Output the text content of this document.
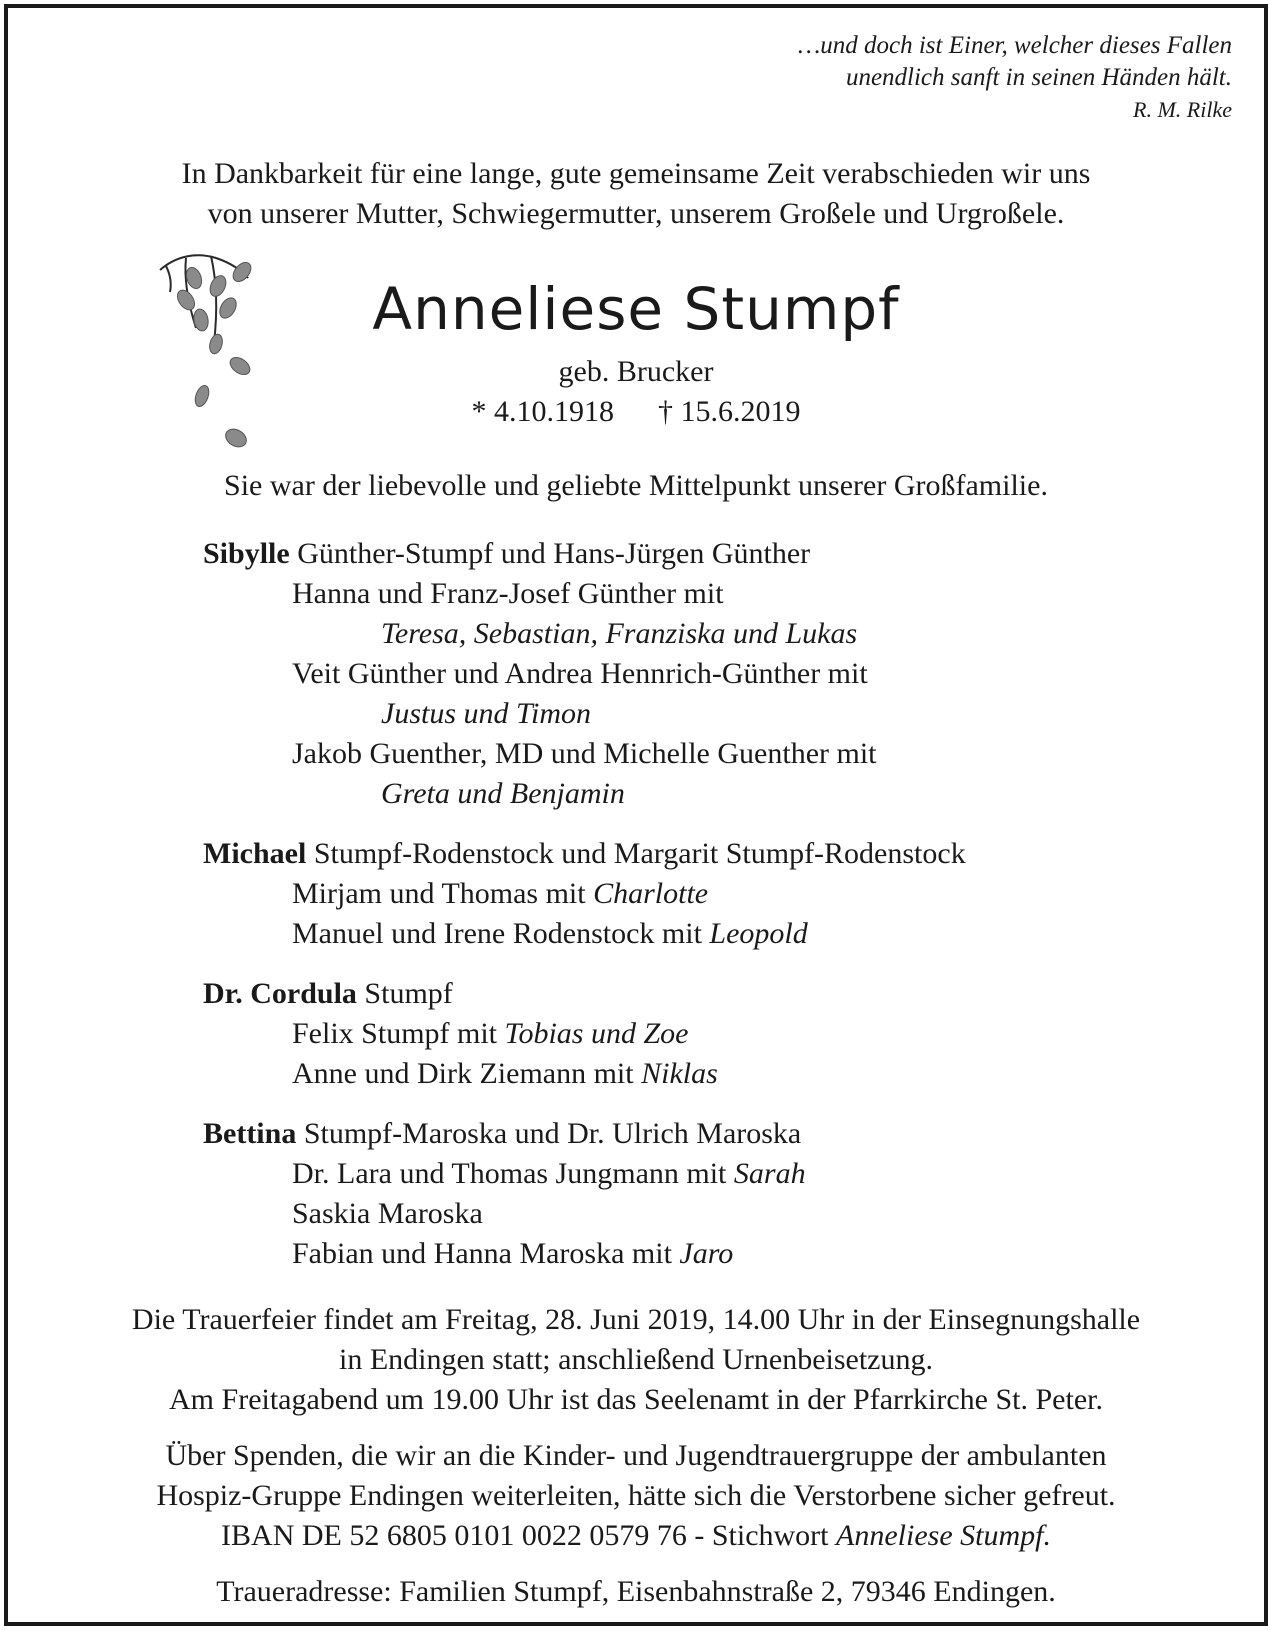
…und doch ist Einer, welcher dieses Fallen
unendlich sanft in seinen Händen hält.
R. M. Rilke
In Dankbarkeit für eine lange, gute gemeinsame Zeit verabschieden wir uns
von unserer Mutter, Schwiegermutter, unserem Großele und Urgroßele.
Anneliese Stumpf
geb. Brucker
* 4.10.1918 † 15.6.2019
Sie war der liebevolle und geliebte Mittelpunkt unserer Großfamilie.
Sibylle Günther-Stumpf und Hans-Jürgen Günther
Hanna und Franz-Josef Günther mit
Teresa, Sebastian, Franziska und Lukas
Veit Günther und Andrea Hennrich-Günther mit
Justus und Timon
Jakob Guenther, MD und Michelle Guenther mit
Greta und Benjamin
Michael Stumpf-Rodenstock und Margarit Stumpf-Rodenstock
Mirjam und Thomas mit Charlotte
Manuel und Irene Rodenstock mit Leopold
Dr. Cordula Stumpf
Felix Stumpf mit Tobias und Zoe
Anne und Dirk Ziemann mit Niklas
Bettina Stumpf-Maroska und Dr. Ulrich Maroska
Dr. Lara und Thomas Jungmann mit Sarah
Saskia Maroska
Fabian und Hanna Maroska mit Jaro
Die Trauerfeier findet am Freitag, 28. Juni 2019, 14.00 Uhr in der Einsegnungshalle
in Endingen statt; anschließend Urnenbeisetzung.
Am Freitagabend um 19.00 Uhr ist das Seelenamt in der Pfarrkirche St. Peter.
Über Spenden, die wir an die Kinder- und Jugendtrauergruppe der ambulanten
Hospiz-Gruppe Endingen weiterleiten, hätte sich die Verstorbene sicher gefreut.
IBAN DE 52 6805 0101 0022 0579 76 - Stichwort Anneliese Stumpf.
Traueradresse: Familien Stumpf, Eisenbahnstraße 2, 79346 Endingen.
